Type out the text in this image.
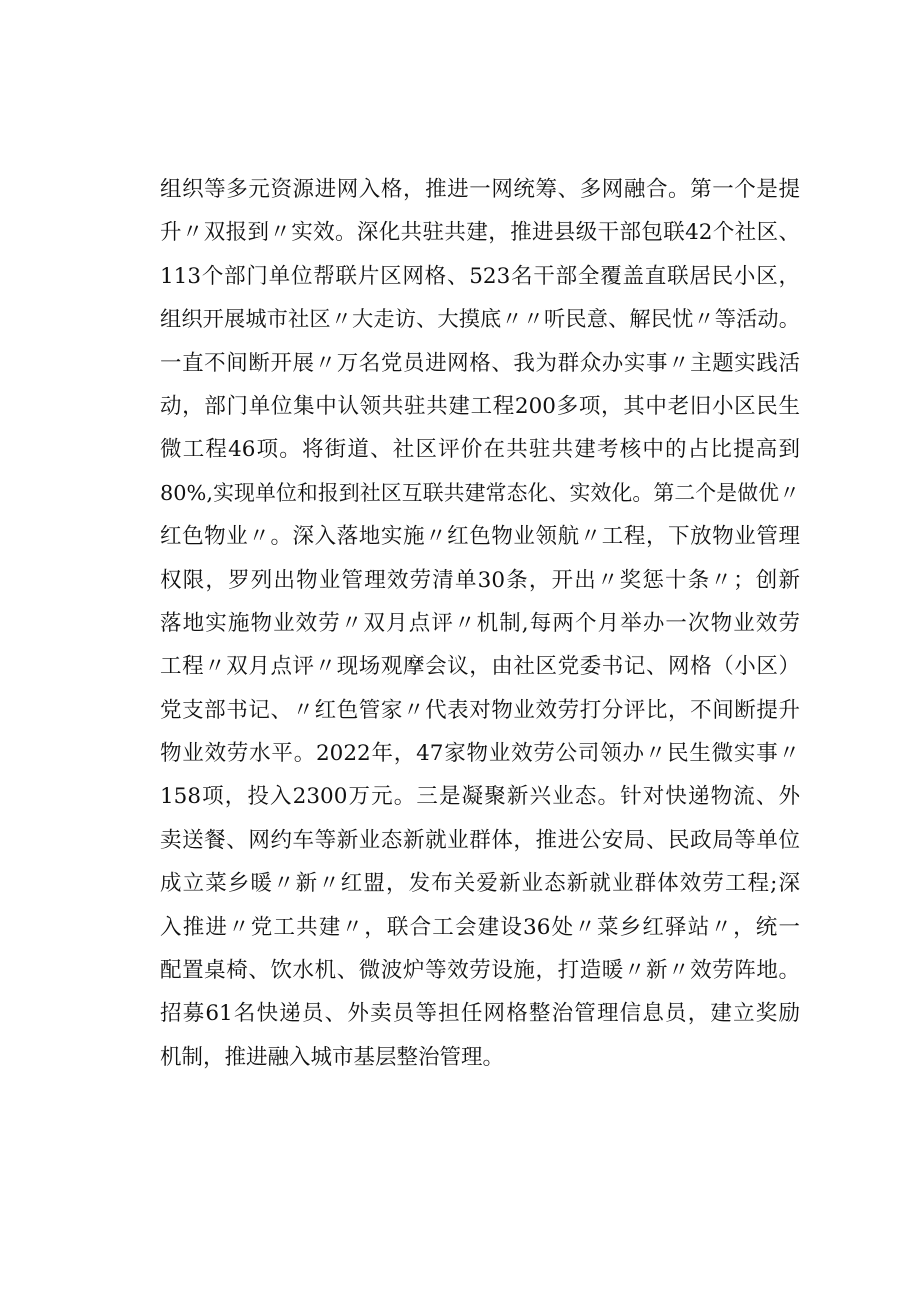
组织等多元资源进网入格，推进一网统筹、多网融合。第一个是提
升〃双报到〃实效。深化共驻共建，推进县级干部包联42个社区、
113个部门单位帮联片区网格、523名干部全覆盖直联居民小区，
组织开展城市社区〃大走访、大摸底〃〃听民意、解民忧〃等活动。
一直不间断开展〃万名党员进网格、我为群众办实事〃主题实践活
动，部门单位集中认领共驻共建工程200多项，其中老旧小区民生
微工程46项。将街道、社区评价在共驻共建考核中的占比提高到
80%,实现单位和报到社区互联共建常态化、实效化。第二个是做优〃
红色物业〃。深入落地实施〃红色物业领航〃工程，下放物业管理
权限，罗列出物业管理效劳清单30条，开出〃奖惩十条〃；创新
落地实施物业效劳〃双月点评〃机制,每两个月举办一次物业效劳
工程〃双月点评〃现场观摩会议，由社区党委书记、网格（小区）
党支部书记、〃红色管家〃代表对物业效劳打分评比，不间断提升
物业效劳水平。2022年，47家物业效劳公司领办〃民生微实事〃
158项，投入2300万元。三是凝聚新兴业态。针对快递物流、外
卖送餐、网约车等新业态新就业群体，推进公安局、民政局等单位
成立菜乡暖〃新〃红盟，发布关爱新业态新就业群体效劳工程;深
入推进〃党工共建〃，联合工会建设36处〃菜乡红驿站〃，统一
配置桌椅、饮水机、微波炉等效劳设施，打造暖〃新〃效劳阵地。
招募61名快递员、外卖员等担任网格整治管理信息员，建立奖励
机制，推进融入城市基层整治管理。
